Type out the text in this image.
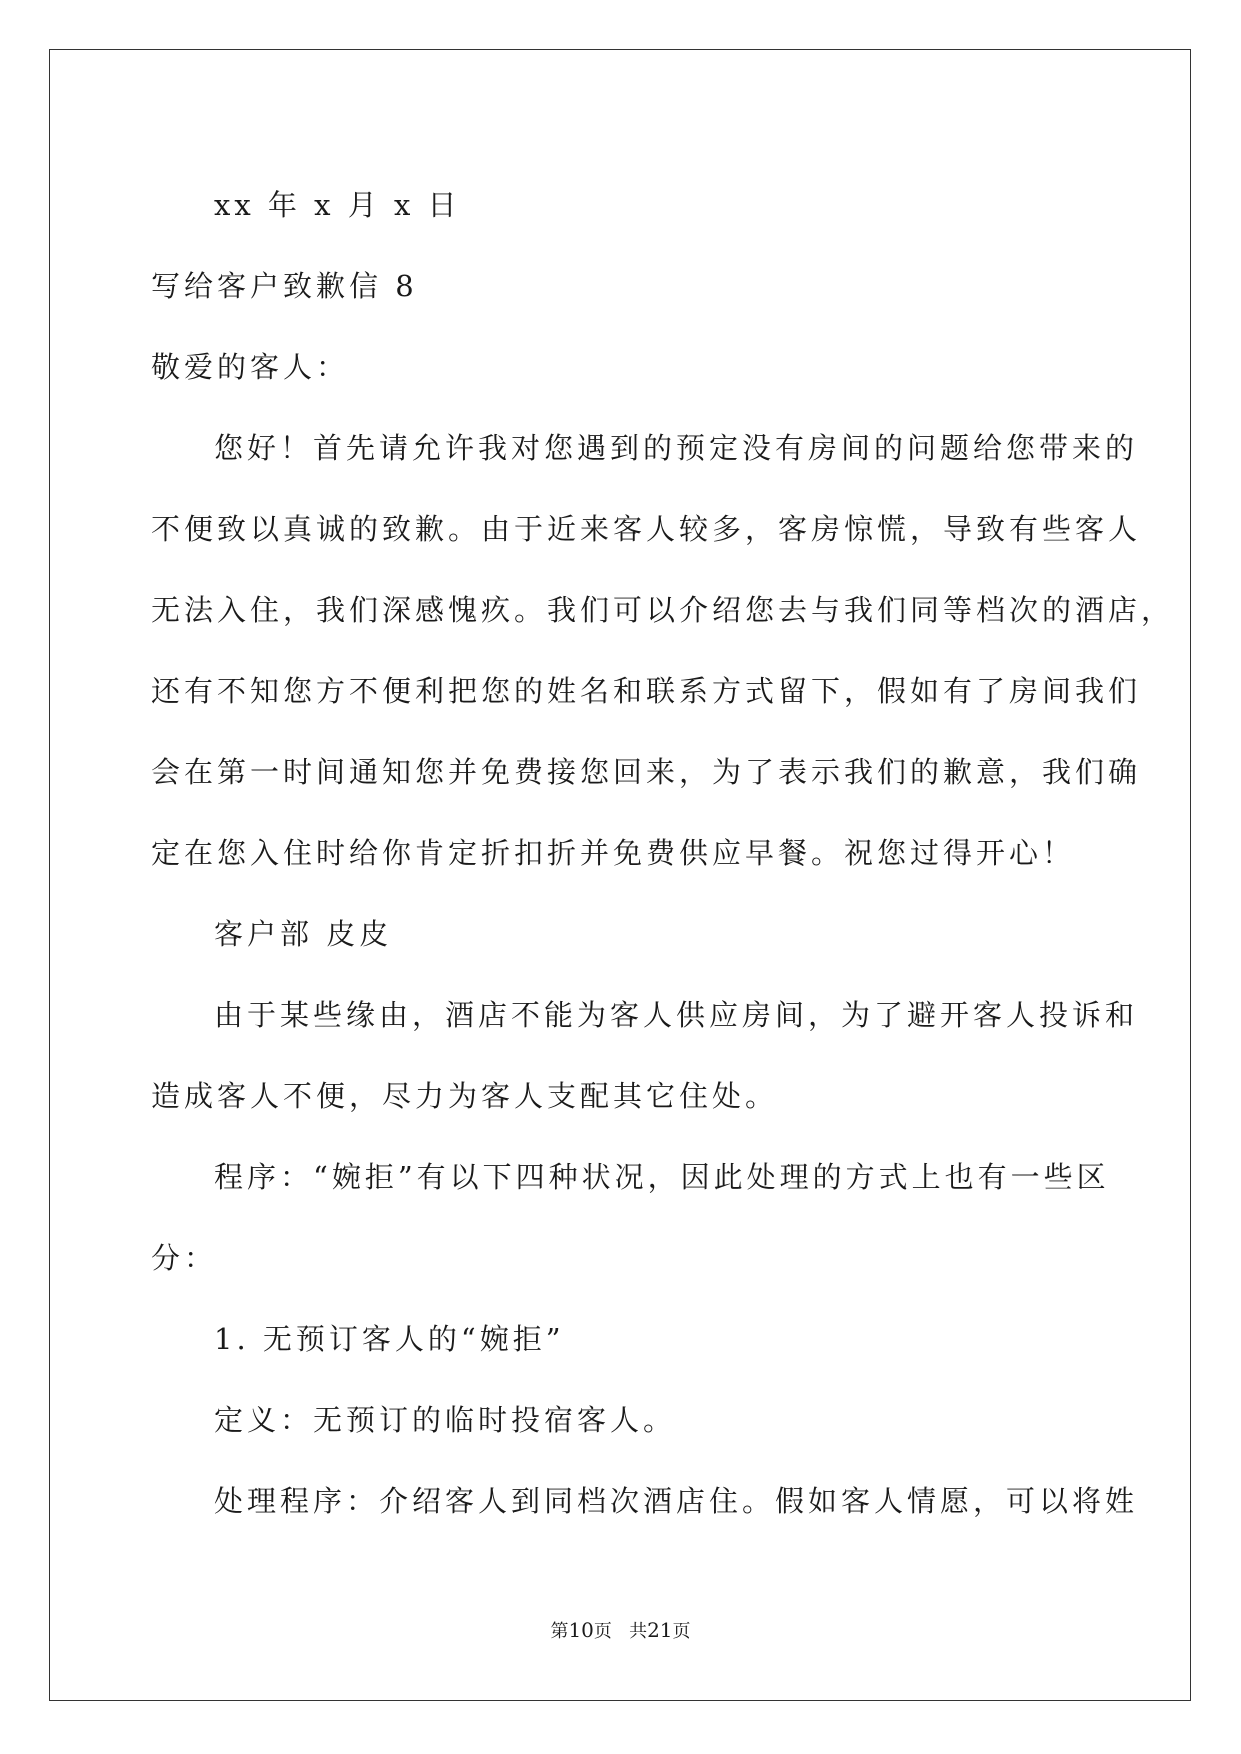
xx 年 x 月 x 日
写给客户致歉信 8
敬爱的客人：
您好！首先请允许我对您遇到的预定没有房间的问题给您带来的
不便致以真诚的致歉。由于近来客人较多，客房惊慌，导致有些客人
无法入住，我们深感愧疚。我们可以介绍您去与我们同等档次的酒店，
还有不知您方不便利把您的姓名和联系方式留下，假如有了房间我们
会在第一时间通知您并免费接您回来，为了表示我们的歉意，我们确
定在您入住时给你肯定折扣折并免费供应早餐。祝您过得开心！
客户部 皮皮
由于某些缘由，酒店不能为客人供应房间，为了避开客人投诉和
造成客人不便，尽力为客人支配其它住处。
程序：“婉拒”有以下四种状况，因此处理的方式上也有一些区
分：
1. 无预订客人的“婉拒”
定义：无预订的临时投宿客人。
处理程序：介绍客人到同档次酒店住。假如客人情愿，可以将姓
第10页   共21页
